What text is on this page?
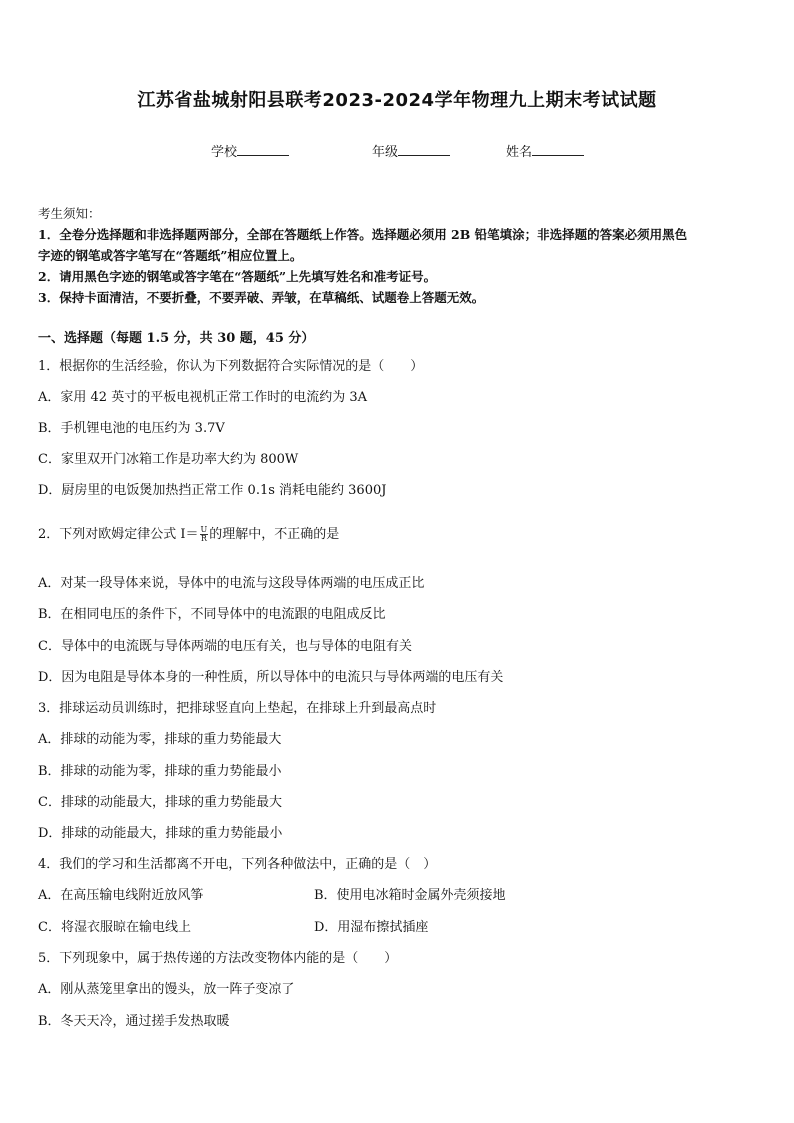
江苏省盐城射阳县联考2023-2024学年物理九上期末考试试题
学校	年级	姓名

考生须知：

1．全卷分选择题和非选择题两部分，全部在答题纸上作答。选择题必须用 2B 铅笔填涂；非选择题的答案必须用黑色

字迹的钢笔或答字笔写在“答题纸”相应位置上。

2．请用黑色字迹的钢笔或答字笔在“答题纸”上先填写姓名和准考证号。

3．保持卡面清洁，不要折叠，不要弄破、弄皱，在草稿纸、试题卷上答题无效。

一、选择题（每题 1.5 分，共 30 题，45 分）
1．根据你的生活经验，你认为下列数据符合实际情况的是（　　）
A．家用 42 英寸的平板电视机正常工作时的电流约为 3A
B．手机锂电池的电压约为 3.7V
C．家里双开门冰箱工作是功率大约为 800W
D．厨房里的电饭煲加热挡正常工作 0.1s 消耗电能约 3600J
2．下列对欧姆定律公式 $I= \frac{U}{R}$ 的理解中，不正确的是
A．对某一段导体来说，导体中的电流与这段导体两端的电压成正比
B．在相同电压的条件下，不同导体中的电流跟的电阻成反比
C．导体中的电流既与导体两端的电压有关，也与导体的电阻有关
D．因为电阻是导体本身的一种性质，所以导体中的电流只与导体两端的电压有关
3．排球运动员训练时，把排球竖直向上垫起，在排球上升到最高点时
A．排球的动能为零，排球的重力势能最大
B．排球的动能为零，排球的重力势能最小
C．排球的动能最大，排球的重力势能最大
D．排球的动能最大，排球的重力势能最小
4．我们的学习和生活都离不开电，下列各种做法中，正确的是（　）
A．在高压输电线附近放风筝	B．使用电冰箱时金属外壳须接地
C．将湿衣服晾在输电线上	D．用湿布擦拭插座
5．下列现象中，属于热传递的方法改变物体内能的是（　　）
A．刚从蒸笼里拿出的馒头，放一阵子变凉了
B．冬天天冷，通过搓手发热取暖
